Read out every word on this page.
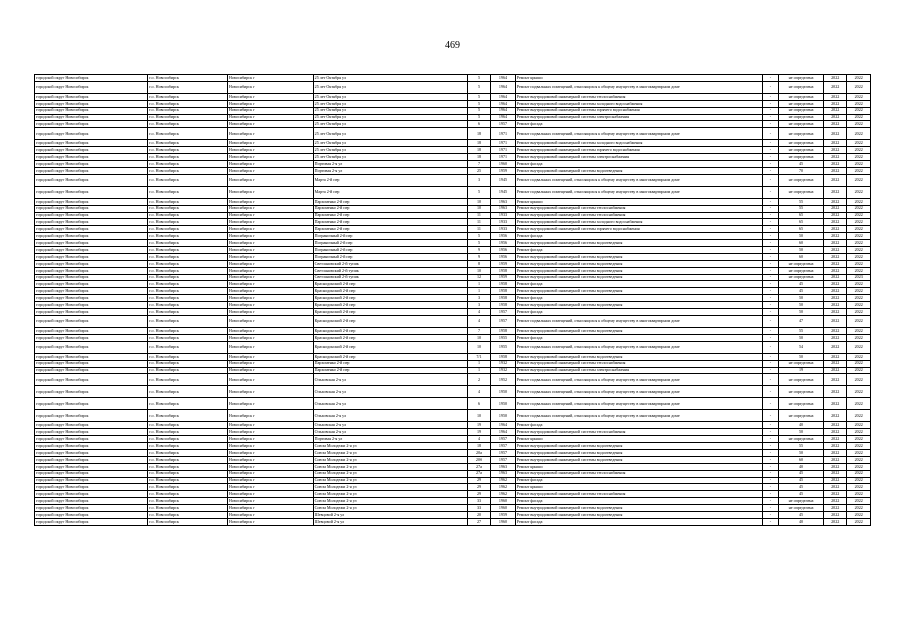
469
городской округ Новосибирск	г.о. Новосибирск	Новосибирск г	25 лет Октября ул	5	1964	Ремонт крыши	-	не определена	2022	2022
городской округ Новосибирск	г.о. Новосибирск	Новосибирск г	25 лет Октября ул	5	1964	Ремонт подвальных помещений, относящихся к общему имуществу в многоквартирном доме	-	не определена	2022	2022
городской округ Новосибирск	г.о. Новосибирск	Новосибирск г	25 лет Октября ул	5	1964	Ремонт внутридомовой инженерной системы теплоснабжения	-	не определена	2022	2022
городской округ Новосибирск	г.о. Новосибирск	Новосибирск г	25 лет Октября ул	5	1964	Ремонт внутридомовой инженерной системы холодного водоснабжения	-	не определена	2022	2022
городской округ Новосибирск	г.о. Новосибирск	Новосибирск г	25 лет Октября ул	5	1964	Ремонт внутридомовой инженерной системы горячего водоснабжения	-	не определена	2022	2022
городской округ Новосибирск	г.о. Новосибирск	Новосибирск г	25 лет Октября ул	5	1964	Ремонт внутридомовой инженерной системы электроснабжения	-	не определена	2022	2022
городской округ Новосибирск	г.о. Новосибирск	Новосибирск г	25 лет Октября ул	6	1957	Ремонт фасада	-	не определена	2022	2022
городской округ Новосибирск	г.о. Новосибирск	Новосибирск г	25 лет Октября ул	18	1971	Ремонт подвальных помещений, относящихся к общему имуществу в многоквартирном доме	-	не определена	2022	2022
городской округ Новосибирск	г.о. Новосибирск	Новосибирск г	25 лет Октября ул	18	1971	Ремонт внутридомовой инженерной системы холодного водоснабжения	-	не определена	2022	2022
городской округ Новосибирск	г.о. Новосибирск	Новосибирск г	25 лет Октября ул	18	1971	Ремонт внутридомовой инженерной системы горячего водоснабжения	-	не определена	2022	2022
городской округ Новосибирск	г.о. Новосибирск	Новосибирск г	25 лет Октября ул	18	1971	Ремонт внутридомовой инженерной системы электроснабжения	-	не определена	2022	2022
городской округ Новосибирск	г.о. Новосибирск	Новосибирск г	Портовая 2-я ул	7	1960	Ремонт фасада	-	45	2022	2022
городской округ Новосибирск	г.о. Новосибирск	Новосибирск г	Портовая 2-я ул	25	1959	Ремонт внутридомовой инженерной системы водоотведения	-	70	2022	2022
городской округ Новосибирск	г.о. Новосибирск	Новосибирск г	Марта 2-й пер	3	1945	Ремонт подвальных помещений, относящихся к общему имуществу в многоквартирном доме	-	не определена	2022	2022
городской округ Новосибирск	г.о. Новосибирск	Новосибирск г	Марта 2-й пер	5	1945	Ремонт подвальных помещений, относящихся к общему имуществу в многоквартирном доме	-	не определена	2022	2022
городской округ Новосибирск	г.о. Новосибирск	Новосибирск г	Пархоменко 2-й пер	10	1963	Ремонт крыши	-	55	2022	2022
городской округ Новосибирск	г.о. Новосибирск	Новосибирск г	Пархоменко 2-й пер	10	1963	Ремонт внутридомовой инженерной системы теплоснабжения	-	55	2022	2022
городской округ Новосибирск	г.о. Новосибирск	Новосибирск г	Пархоменко 2-й пер	11	1933	Ремонт внутридомовой инженерной системы теплоснабжения	-	65	2022	2022
городской округ Новосибирск	г.о. Новосибирск	Новосибирск г	Пархоменко 2-й пер	11	1933	Ремонт внутридомовой инженерной системы холодного водоснабжения	-	65	2022	2022
городской округ Новосибирск	г.о. Новосибирск	Новосибирск г	Пархоменко 2-й пер	11	1933	Ремонт внутридомовой инженерной системы горячего водоснабжения	-	65	2022	2022
городской округ Новосибирск	г.о. Новосибирск	Новосибирск г	Пограничный 2-й пер	5	1956	Ремонт фасада	-	50	2022	2022
городской округ Новосибирск	г.о. Новосибирск	Новосибирск г	Пограничный 2-й пер	5	1956	Ремонт внутридомовой инженерной системы водоотведения	-	60	2022	2022
городской округ Новосибирск	г.о. Новосибирск	Новосибирск г	Пограничный 2-й пер	9	1956	Ремонт фасада	-	50	2022	2022
городской округ Новосибирск	г.о. Новосибирск	Новосибирск г	Пограничный 2-й пер	9	1956	Ремонт внутридомовой инженерной системы водоотведения	-	60	2022	2022
городской округ Новосибирск	г.о. Новосибирск	Новосибирск г	Светлановский 2-й тупик	8	1959	Ремонт внутридомовой инженерной системы водоотведения	-	не определена	2022	2022
городской округ Новосибирск	г.о. Новосибирск	Новосибирск г	Светлановский 2-й тупик	10	1958	Ремонт внутридомовой инженерной системы водоотведения	-	не определена	2022	2022
городской округ Новосибирск	г.о. Новосибирск	Новосибирск г	Светлановский 2-й тупик	12	1959	Ремонт внутридомовой инженерной системы водоотведения	-	не определена	2022	2023
городской округ Новосибирск	г.о. Новосибирск	Новосибирск г	Краснодонский 2-й пер	1	1958	Ремонт фасада	-	45	2022	2022
городской округ Новосибирск	г.о. Новосибирск	Новосибирск г	Краснодонский 2-й пер	1	1958	Ремонт внутридомовой инженерной системы водоотведения	-	45	2022	2022
городской округ Новосибирск	г.о. Новосибирск	Новосибирск г	Краснодонский 2-й пер	3	1958	Ремонт фасада	-	50	2022	2022
городской округ Новосибирск	г.о. Новосибирск	Новосибирск г	Краснодонский 2-й пер	3	1958	Ремонт внутридомовой инженерной системы водоотведения	-	50	2022	2022
городской округ Новосибирск	г.о. Новосибирск	Новосибирск г	Краснодонский 2-й пер	4	1957	Ремонт фасада	-	50	2022	2022
городской округ Новосибирск	г.о. Новосибирск	Новосибирск г	Краснодонский 2-й пер	4	1957	Ремонт подвальных помещений, относящихся к общему имуществу в многоквартирном доме	-	47	2022	2022
городской округ Новосибирск	г.о. Новосибирск	Новосибирск г	Краснодонский 2-й пер	7	1958	Ремонт внутридомовой инженерной системы водоотведения	-	55	2022	2022
городской округ Новосибирск	г.о. Новосибирск	Новосибирск г	Краснодонский 2-й пер	10	1955	Ремонт фасада	-	50	2022	2022
городской округ Новосибирск	г.о. Новосибирск	Новосибирск г	Краснодонский 2-й пер	10	1955	Ремонт подвальных помещений, относящихся к общему имуществу в многоквартирном доме	-	54	2022	2022
городской округ Новосибирск	г.о. Новосибирск	Новосибирск г	Краснодонский 2-й пер	7/1	1958	Ремонт внутридомовой инженерной системы водоотведения	-	50	2022	2022
городской округ Новосибирск	г.о. Новосибирск	Новосибирск г	Пархоменко 2-й пер	1	1932	Ремонт внутридомовой инженерной системы теплоснабжения	-	не определена	2022	2022
городской округ Новосибирск	г.о. Новосибирск	Новосибирск г	Пархоменко 2-й пер	1	1932	Ремонт внутридомовой инженерной системы электроснабжения	-	19	2022	2022
городской округ Новосибирск	г.о. Новосибирск	Новосибирск г	Ольховская 2-я ул	2	1952	Ремонт подвальных помещений, относящихся к общему имуществу в многоквартирном доме	-	не определена	2022	2022
городской округ Новосибирск	г.о. Новосибирск	Новосибирск г	Ольховская 2-я ул	4	1950	Ремонт подвальных помещений, относящихся к общему имуществу в многоквартирном доме	-	не определена	2022	2022
городской округ Новосибирск	г.о. Новосибирск	Новосибирск г	Ольховская 2-я ул	6	1950	Ремонт подвальных помещений, относящихся к общему имуществу в многоквартирном доме	-	не определена	2022	2022
городской округ Новосибирск	г.о. Новосибирск	Новосибирск г	Ольховская 2-я ул	10	1950	Ремонт подвальных помещений, относящихся к общему имуществу в многоквартирном доме	-	не определена	2022	2022
городской округ Новосибирск	г.о. Новосибирск	Новосибирск г	Ольховская 2-я ул	19	1964	Ремонт фасада	-	40	2022	2022
городской округ Новосибирск	г.о. Новосибирск	Новосибирск г	Ольховская 2-я ул	19	1964	Ремонт внутридомовой инженерной системы теплоснабжения	-	50	2022	2022
городской округ Новосибирск	г.о. Новосибирск	Новосибирск г	Портовая 2-я ул	4	1957	Ремонт крыши	-	не определена	2022	2022
городской округ Новосибирск	г.о. Новосибирск	Новосибирск г	Союза Молодежи 2-я ул	18	1957	Ремонт внутридомовой инженерной системы водоотведения	-	55	2022	2022
городской округ Новосибирск	г.о. Новосибирск	Новосибирск г	Союза Молодежи 2-я ул	20а	1957	Ремонт внутридомовой инженерной системы водоотведения	-	50	2022	2022
городской округ Новосибирск	г.о. Новосибирск	Новосибирск г	Союза Молодежи 2-я ул	20б	1957	Ремонт внутридомовой инженерной системы водоотведения	-	60	2022	2022
городской округ Новосибирск	г.о. Новосибирск	Новосибирск г	Союза Молодежи 2-я ул	27а	1963	Ремонт крыши	-	40	2022	2022
городской округ Новосибирск	г.о. Новосибирск	Новосибирск г	Союза Молодежи 2-я ул	27а	1963	Ремонт внутридомовой инженерной системы теплоснабжения	-	45	2022	2022
городской округ Новосибирск	г.о. Новосибирск	Новосибирск г	Союза Молодежи 2-я ул	29	1962	Ремонт фасада	-	45	2022	2022
городской округ Новосибирск	г.о. Новосибирск	Новосибирск г	Союза Молодежи 2-я ул	29	1962	Ремонт крыши	-	45	2022	2022
городской округ Новосибирск	г.о. Новосибирск	Новосибирск г	Союза Молодежи 2-я ул	29	1962	Ремонт внутридомовой инженерной системы теплоснабжения	-	45	2022	2022
городской округ Новосибирск	г.о. Новосибирск	Новосибирск г	Союза Молодежи 2-я ул	33	1960	Ремонт фасада	-	не определена	2022	2022
городской округ Новосибирск	г.о. Новосибирск	Новосибирск г	Союза Молодежи 2-я ул	33	1960	Ремонт внутридомовой инженерной системы водоотведения	-	не определена	2022	2022
городской округ Новосибирск	г.о. Новосибирск	Новосибирск г	Шевцовой 2-я ул	20	1959	Ремонт внутридомовой инженерной системы водоотведения	-	45	2022	2022
городской округ Новосибирск	г.о. Новосибирск	Новосибирск г	Шевцовой 2-я ул	27	1960	Ремонт фасада	-	40	2022	2022
